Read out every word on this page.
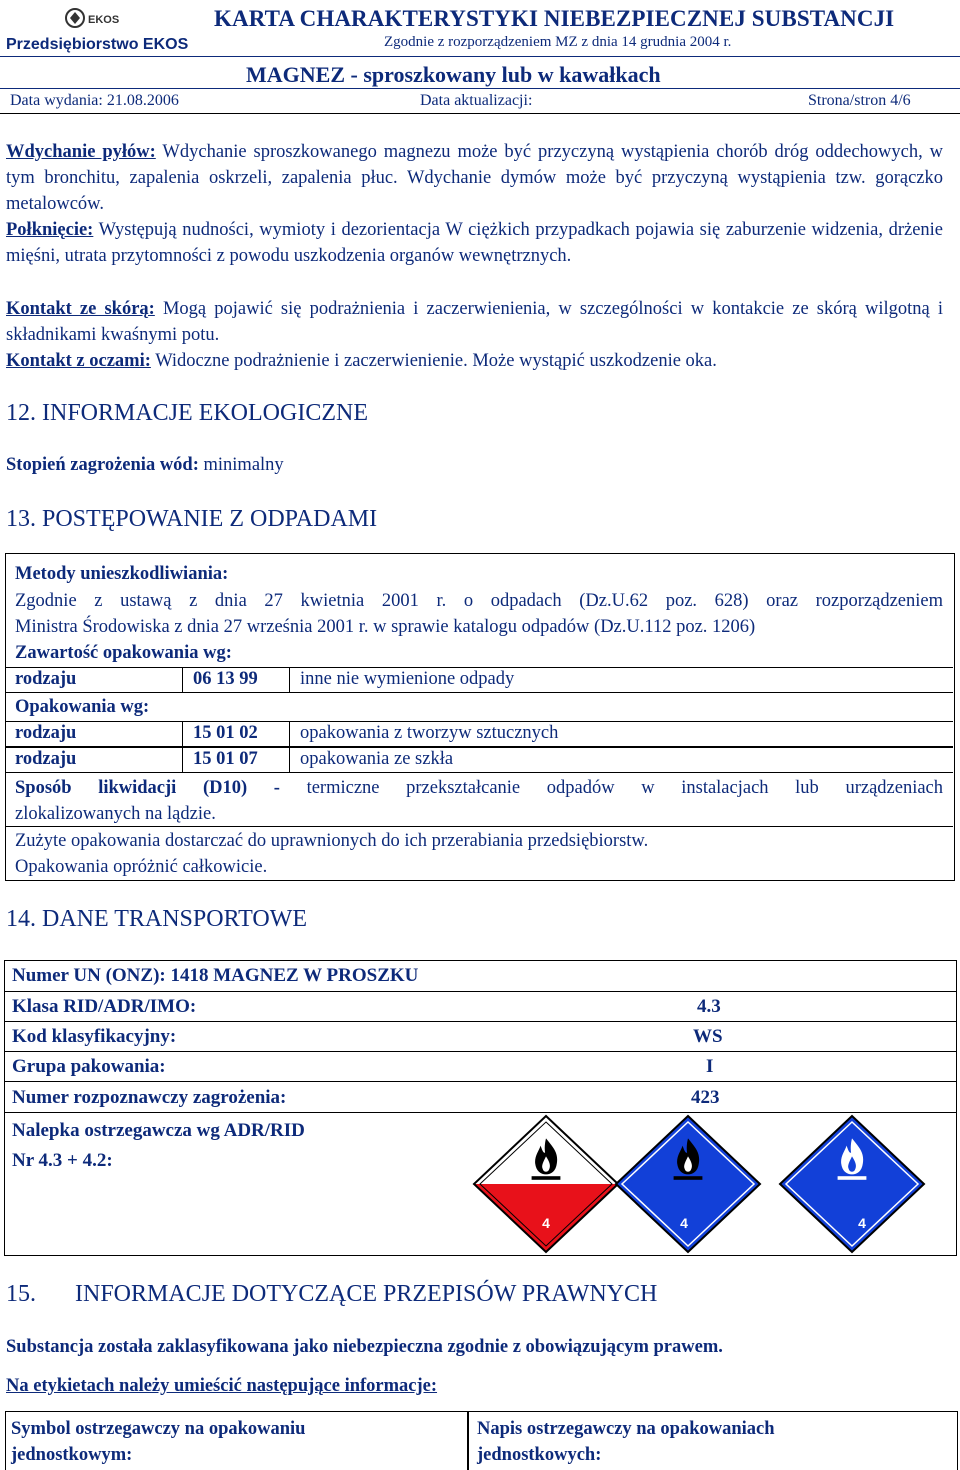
EKOS
Przedsiębiorstwo EKOS
KARTA CHARAKTERYSTYKI NIEBEZPIECZNEJ SUBSTANCJI
Zgodnie z rozporządzeniem MZ z dnia 14 grudnia 2004 r.
MAGNEZ - sproszkowany lub w kawałkach
Data wydania: 21.08.2006	Data aktualizacji:	Strona/stron 4/6
Wdychanie pyłów: Wdychanie sproszkowanego magnezu może być przyczyną wystąpienia chorób dróg oddechowych, w tym bronchitu, zapalenia oskrzeli, zapalenia płuc. Wdychanie dymów może być przyczyną wystąpienia tzw. gorączko metalowców.
Połknięcie: Występują nudności, wymioty i dezorientacja W ciężkich przypadkach pojawia się zaburzenie widzenia, drżenie mięśni, utrata przytomności z powodu uszkodzenia organów wewnętrznych.
Kontakt ze skórą: Mogą pojawić się podrażnienia i zaczerwienienia, w szczególności w kontakcie ze skórą wilgotną i składnikami kwaśnymi potu.
Kontakt z oczami: Widoczne podrażnienie i zaczerwienienie. Może wystąpić uszkodzenie oka.
12. INFORMACJE EKOLOGICZNE
Stopień zagrożenia wód: minimalny
13. POSTĘPOWANIE Z ODPADAMI
Metody unieszkodliwiania:
Zgodnie z ustawą z dnia 27 kwietnia 2001 r. o odpadach (Dz.U.62 poz. 628) oraz rozporządzeniem
Ministra Środowiska z dnia 27 września 2001 r. w sprawie katalogu odpadów (Dz.U.112 poz. 1206)
Zawartość opakowania wg:
rodzaju	06 13 99	inne nie wymienione odpady
Opakowania wg:
rodzaju	15 01 02	opakowania z tworzyw sztucznych
rodzaju	15 01 07	opakowania ze szkła
Sposób likwidacji (D10) - termiczne przekształcanie odpadów w instalacjach lub urządzeniach
zlokalizowanych na lądzie.
Zużyte opakowania dostarczać do uprawnionych do ich przerabiania przedsiębiorstw.
Opakowania opróżnić całkowicie.
14. DANE TRANSPORTOWE
Numer UN (ONZ): 1418 MAGNEZ W PROSZKU
Klasa RID/ADR/IMO:	4.3
Kod klasyfikacyjny:	WS
Grupa pakowania:	I
Numer rozpoznawczy zagrożenia:	423
Nalepka ostrzegawcza wg ADR/RID
Nr 4.3 + 4.2:
4	4	4
15. INFORMACJE DOTYCZĄCE PRZEPISÓW PRAWNYCH
Substancja została zaklasyfikowana jako niebezpieczna zgodnie z obowiązującym prawem.
Na etykietach należy umieścić następujące informacje:
Symbol ostrzegawczy na opakowaniu
jednostkowym:
Napis ostrzegawczy na opakowaniach
jednostkowych:
